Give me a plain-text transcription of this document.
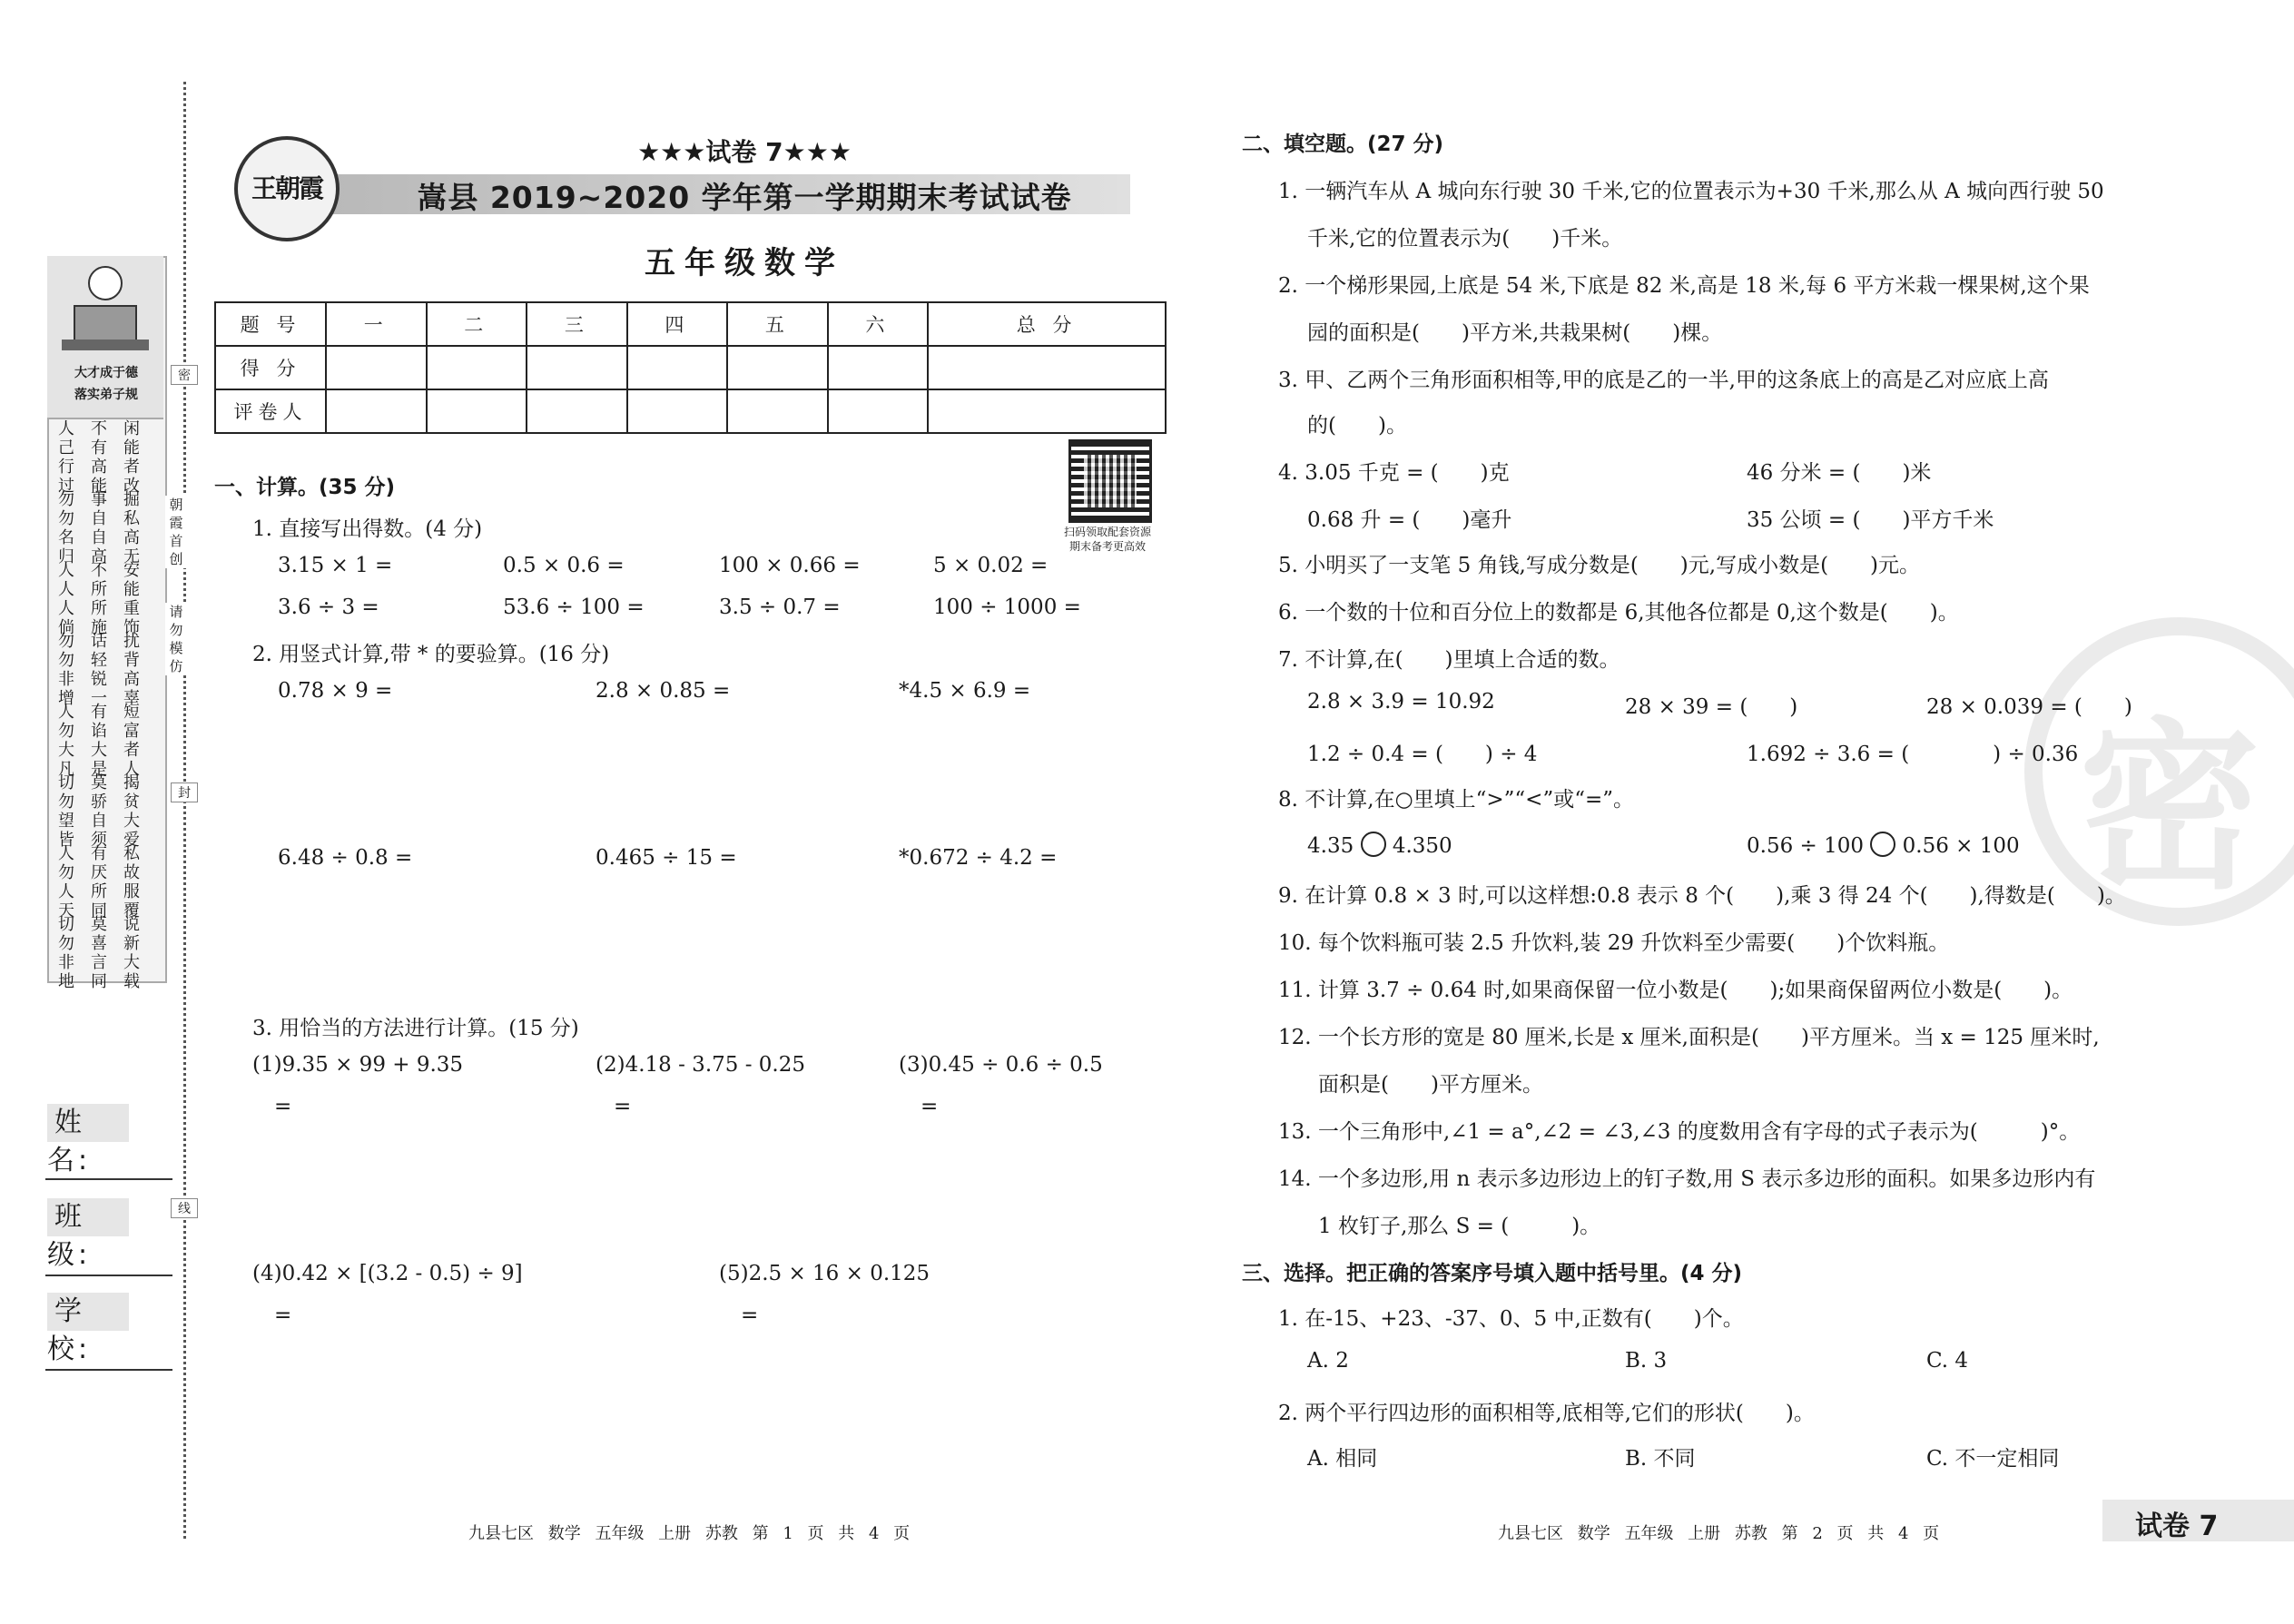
大才成于德
落实弟子规
人己行过
不有高能
闲能者改
勿勿名归
事自自高
掘私高无
人人人倘
不所所施
安能重饰
勿勿非增
话轻锐一
扰背高辜
人勿大凡
有谄大是
短富者人
切勿望皆
莫骄自须
揭贫大爱
人勿人天
有厌所同
私故服覆
切勿非地
莫喜言同
说新大载
密
封
线
朝霞首创
请勿模仿
姓 名:
班 级:
学 校:
王朝霞
★★★试卷 7★★★
嵩县 2019~2020 学年第一学期期末考试试卷
五年级数学
题 号	一	二	三	四	五	六	总 分
得 分							
评卷人							
扫码领取配套资源
期末备考更高效
一、计算。(35 分)
1. 直接写出得数。(4 分)
3.15 × 1 =	0.5 × 0.6 =	100 × 0.66 =	5 × 0.02 =
3.6 ÷ 3 =	53.6 ÷ 100 =	3.5 ÷ 0.7 =	100 ÷ 1000 =
2. 用竖式计算,带 * 的要验算。(16 分)
0.78 × 9 =	2.8 × 0.85 =	*4.5 × 6.9 =
6.48 ÷ 0.8 =	0.465 ÷ 15 =	*0.672 ÷ 4.2 =
3. 用恰当的方法进行计算。(15 分)
(1)9.35 × 99 + 9.35	(2)4.18 - 3.75 - 0.25	(3)0.45 ÷ 0.6 ÷ 0.5
=	=	=
(4)0.42 × [(3.2 - 0.5) ÷ 9]	(5)2.5 × 16 × 0.125
=	=
九县七区 数学 五年级 上册 苏教 第 1 页 共 4 页
密
二、填空题。(27 分)
1. 一辆汽车从 A 城向东行驶 30 千米,它的位置表示为+30 千米,那么从 A 城向西行驶 50
千米,它的位置表示为(　　)千米。
2. 一个梯形果园,上底是 54 米,下底是 82 米,高是 18 米,每 6 平方米栽一棵果树,这个果
园的面积是(　　)平方米,共栽果树(　　)棵。
3. 甲、乙两个三角形面积相等,甲的底是乙的一半,甲的这条底上的高是乙对应底上高
的(　　)。
4. 3.05 千克 = (　　)克	46 分米 = (　　)米
0.68 升 = (　　)毫升	35 公顷 = (　　)平方千米
5. 小明买了一支笔 5 角钱,写成分数是(　　)元,写成小数是(　　)元。
6. 一个数的十位和百分位上的数都是 6,其他各位都是 0,这个数是(　　)。
7. 不计算,在(　　)里填上合适的数。
2.8 × 3.9 = 10.92	28 × 39 = (　　)	28 × 0.039 = (　　)
1.2 ÷ 0.4 = (　　) ÷ 4	1.692 ÷ 3.6 = (　　　　) ÷ 0.36
8. 不计算,在○里填上“>”“<”或“=”。
4.35 4.350	0.56 ÷ 100 0.56 × 100
9. 在计算 0.8 × 3 时,可以这样想:0.8 表示 8 个(　　),乘 3 得 24 个(　　),得数是(　　)。
10. 每个饮料瓶可装 2.5 升饮料,装 29 升饮料至少需要(　　)个饮料瓶。
11. 计算 3.7 ÷ 0.64 时,如果商保留一位小数是(　　);如果商保留两位小数是(　　)。
12. 一个长方形的宽是 80 厘米,长是 x 厘米,面积是(　　)平方厘米。当 x = 125 厘米时,
面积是(　　)平方厘米。
13. 一个三角形中,∠1 = a°,∠2 = ∠3,∠3 的度数用含有字母的式子表示为(　　　)°。
14. 一个多边形,用 n 表示多边形边上的钉子数,用 S 表示多边形的面积。如果多边形内有
1 枚钉子,那么 S = (　　　)。
三、选择。把正确的答案序号填入题中括号里。(4 分)
1. 在-15、+23、-37、0、5 中,正数有(　　)个。
A. 2	B. 3	C. 4
2. 两个平行四边形的面积相等,底相等,它们的形状(　　)。
A. 相同	B. 不同	C. 不一定相同
九县七区 数学 五年级 上册 苏教 第 2 页 共 4 页	试卷 7
